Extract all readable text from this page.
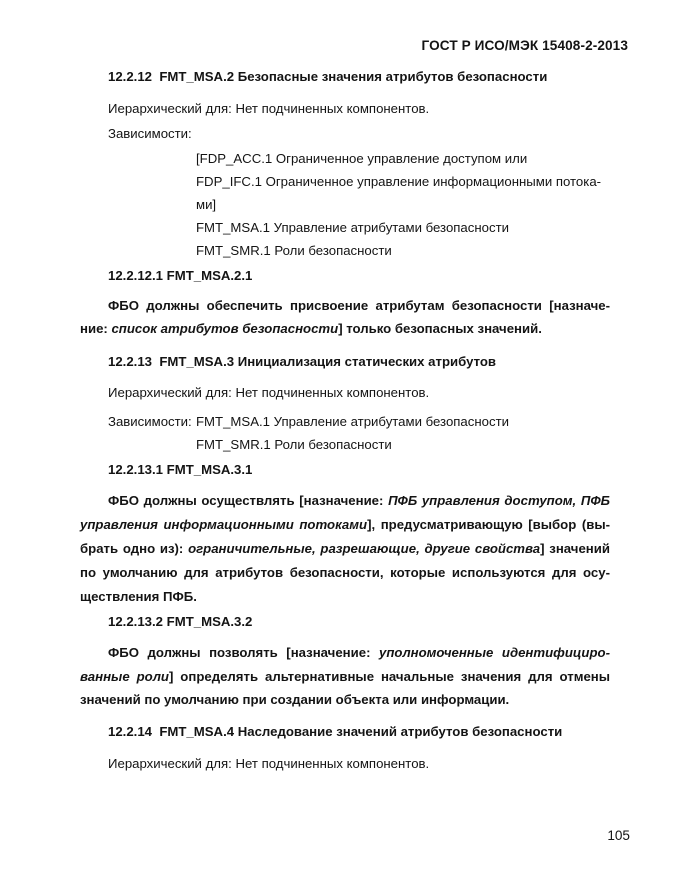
ГОСТ Р ИСО/МЭК 15408-2-2013
12.2.12 FMT_MSA.2 Безопасные значения атрибутов безопасности
Иерархический для: Нет подчиненных компонентов.
Зависимости:
[FDP_ACC.1 Ограниченное управление доступом или
FDP_IFC.1 Ограниченное управление информационными потока-
ми]
FMT_MSA.1 Управление атрибутами безопасности
FMT_SMR.1 Роли безопасности
12.2.12.1 FMT_MSA.2.1
ФБО должны обеспечить присвоение атрибутам безопасности [назначе-
ние: список атрибутов безопасности] только безопасных значений.
12.2.13 FMT_MSA.3 Инициализация статических атрибутов
Иерархический для: Нет подчиненных компонентов.
Зависимости: FMT_MSA.1 Управление атрибутами безопасности
FMT_SMR.1 Роли безопасности
12.2.13.1 FMT_MSA.3.1
ФБО должны осуществлять [назначение: ПФБ управления доступом, ПФБ
управления информационными потоками], предусматривающую [выбор (вы-
брать одно из): ограничительные, разрешающие, другие свойства] значений
по умолчанию для атрибутов безопасности, которые используются для осу-
ществления ПФБ.
12.2.13.2 FMT_MSA.3.2
ФБО должны позволять [назначение: уполномоченные идентифициро-
ванные роли] определять альтернативные начальные значения для отмены
значений по умолчанию при создании объекта или информации.
12.2.14 FMT_MSA.4 Наследование значений атрибутов безопасности
Иерархический для: Нет подчиненных компонентов.
105
